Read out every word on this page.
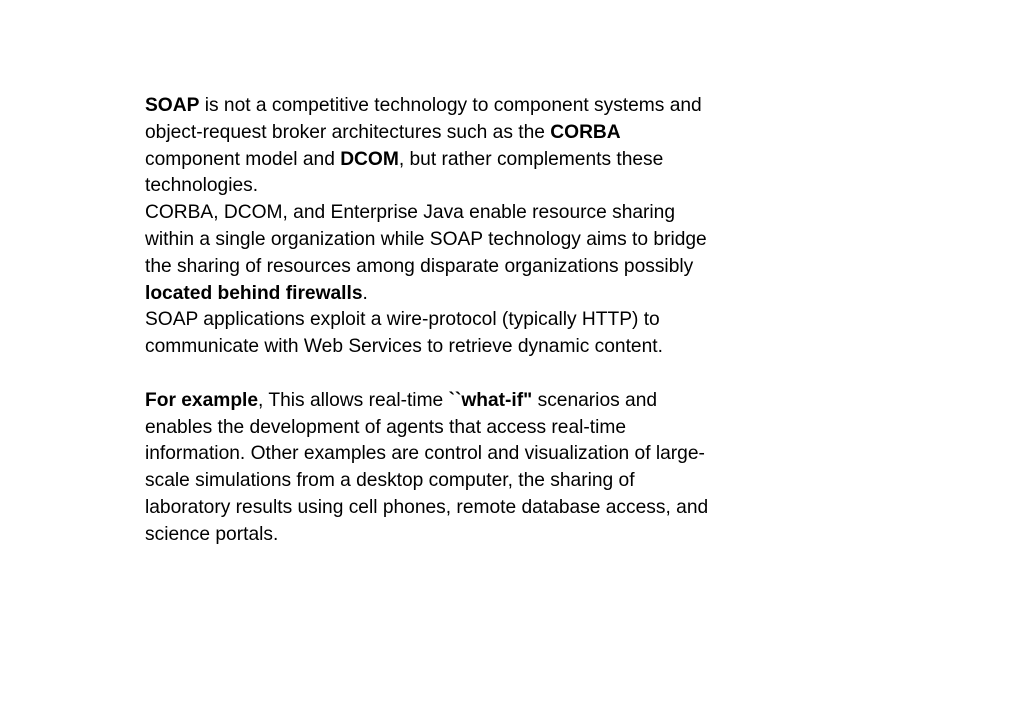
SOAP is not a competitive technology to component systems and

object-request broker architectures such as the CORBA

component model and DCOM, but rather complements these

technologies.

CORBA, DCOM, and Enterprise Java enable resource sharing

within a single organization while SOAP technology aims to bridge

the sharing of resources among disparate organizations possibly

located behind firewalls.

SOAP applications exploit a wire-protocol (typically HTTP) to

communicate with Web Services to retrieve dynamic content.

For example, This allows real-time ``what-if" scenarios and

enables the development of agents that access real-time

information. Other examples are control and visualization of large-

scale simulations from a desktop computer, the sharing of

laboratory results using cell phones, remote database access, and

science portals.
